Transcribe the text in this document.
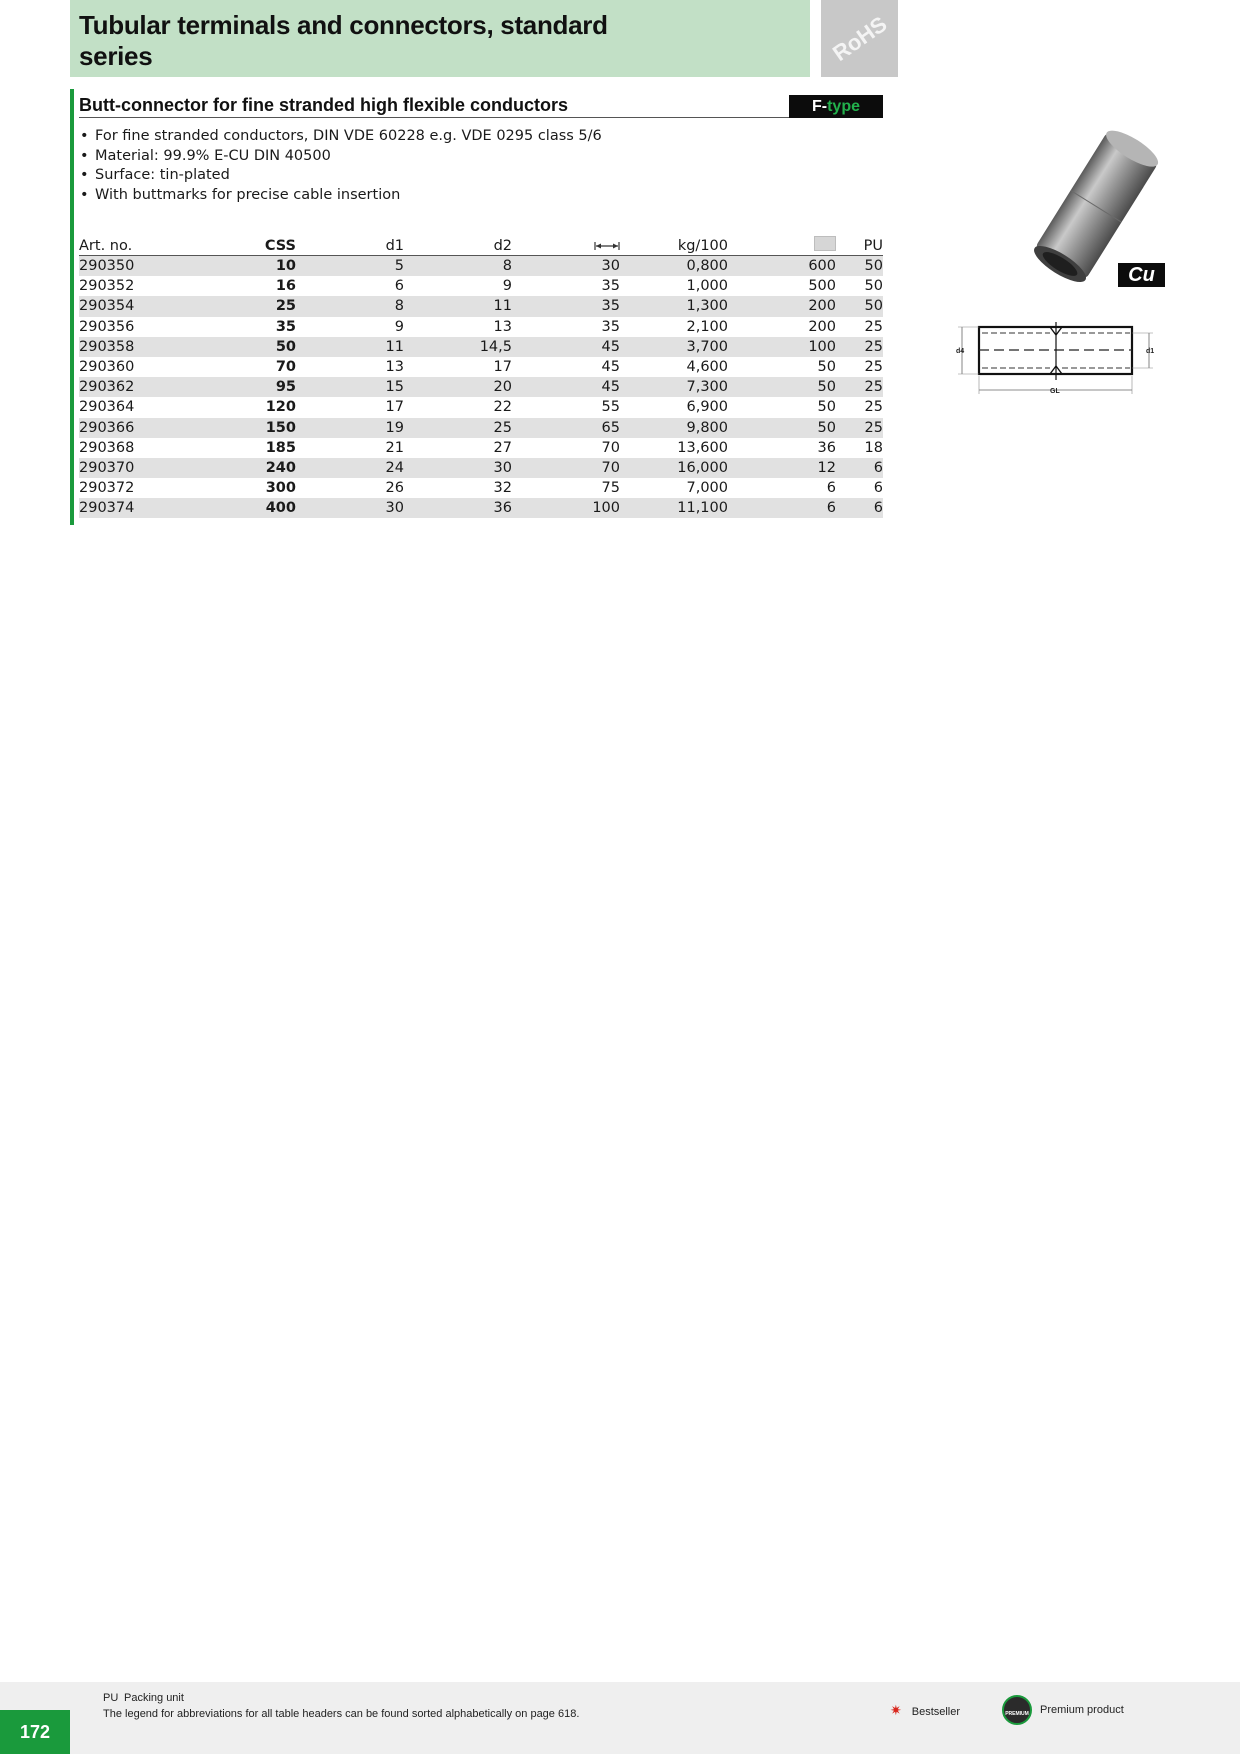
Tubular terminals and connectors, standard series	RoHS
Butt-connector for fine stranded high flexible conductors	F-type
• For fine stranded conductors, DIN VDE 60228 e.g. VDE 0295 class 5/6
• Material: 99.9% E-CU DIN 40500
• Surface: tin-plated
• With buttmarks for precise cable insertion
Art. no.	CSS	d1	d2		kg/100		PU
290350	10	5	8	30	0,800	600	50
290352	16	6	9	35	1,000	500	50
290354	25	8	11	35	1,300	200	50
290356	35	9	13	35	2,100	200	25
290358	50	11	14,5	45	3,700	100	25
290360	70	13	17	45	4,600	50	25
290362	95	15	20	45	7,300	50	25
290364	120	17	22	55	6,900	50	25
290366	150	19	25	65	9,800	50	25
290368	185	21	27	70	13,600	36	18
290370	240	24	30	70	16,000	12	6
290372	300	26	32	75	7,000	6	6
290374	400	30	36	100	11,100	6	6
Cu
d4	d1
GL
172
PU Packing unit
The legend for abbreviations for all table headers can be found sorted alphabetically on page 618.	✷ Bestseller	PREMIUM Premium product
